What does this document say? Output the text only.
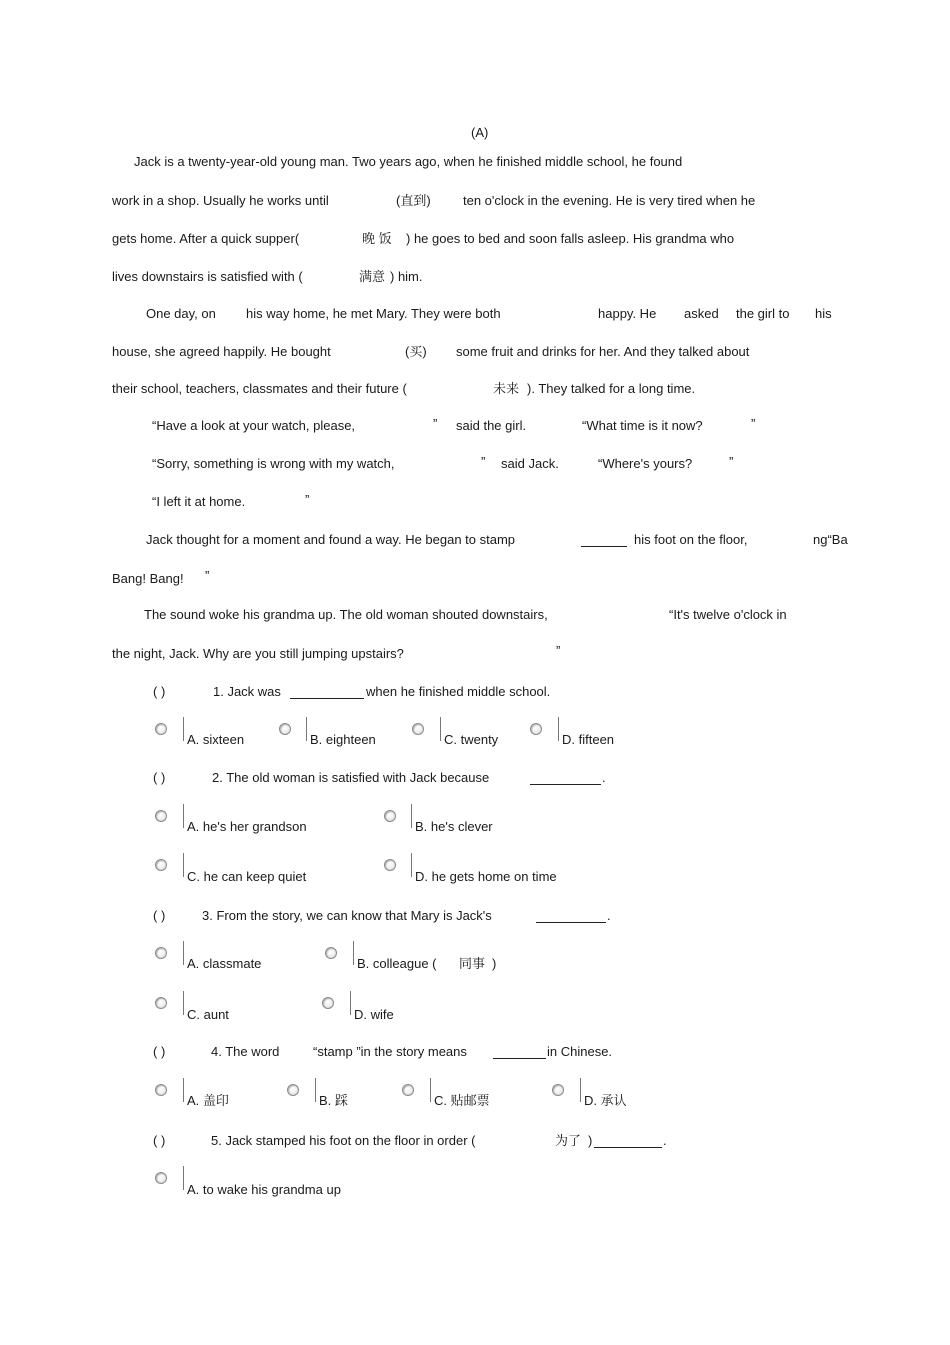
(A)
Jack is a twenty-year-old young man. Two years ago, when he finished middle school, he found
work in a shop. Usually he works until	(直到) ten o'clock in the evening. He is very tired when he
gets home. After a quick supper(	晚 饭 ) he goes to bed and soon falls asleep. His grandma who
lives downstairs is satisfied with (	满意 ) him.
One day, on his way home, he met Mary. They were both	happy. He asked the girl to his
house, she agreed happily. He bought	(买) some fruit and drinks for her. And they talked about
their school, teachers, classmates and their future (	未来 ). They talked for a long time.
“Have a look at your watch, please,	” said the girl.	“What time is it now?	”
“Sorry, something is wrong with my watch,	” said Jack.	“Where's yours?	”
“I left it at home.	”
Jack thought for a moment and found a way. He began to stamp	his foot on the floor,	ng“Ba
Bang! Bang! ”
The sound woke his grandma up. The old woman shouted downstairs,	“It's twelve o'clock in
the night, Jack. Why are you still jumping upstairs?	”
( )	1. Jack was	when he finished middle school.
A. sixteen	B. eighteen	C. twenty	D. fifteen
( )	2. The old woman is satisfied with Jack because	.
A. he's her grandson	B. he's clever
C. he can keep quiet	D. he gets home on time
( )	3. From the story, we can know that Mary is Jack's	.
A. classmate	B. colleague ( 同事 )
C. aunt	D. wife
( )	4. The word	“stamp ”in the story means	in Chinese.
A. 盖印	B. 踩	C. 贴邮票	D. 承认
( )	5. Jack stamped his foot on the floor in order (	为了 )	.
A. to wake his grandma up
